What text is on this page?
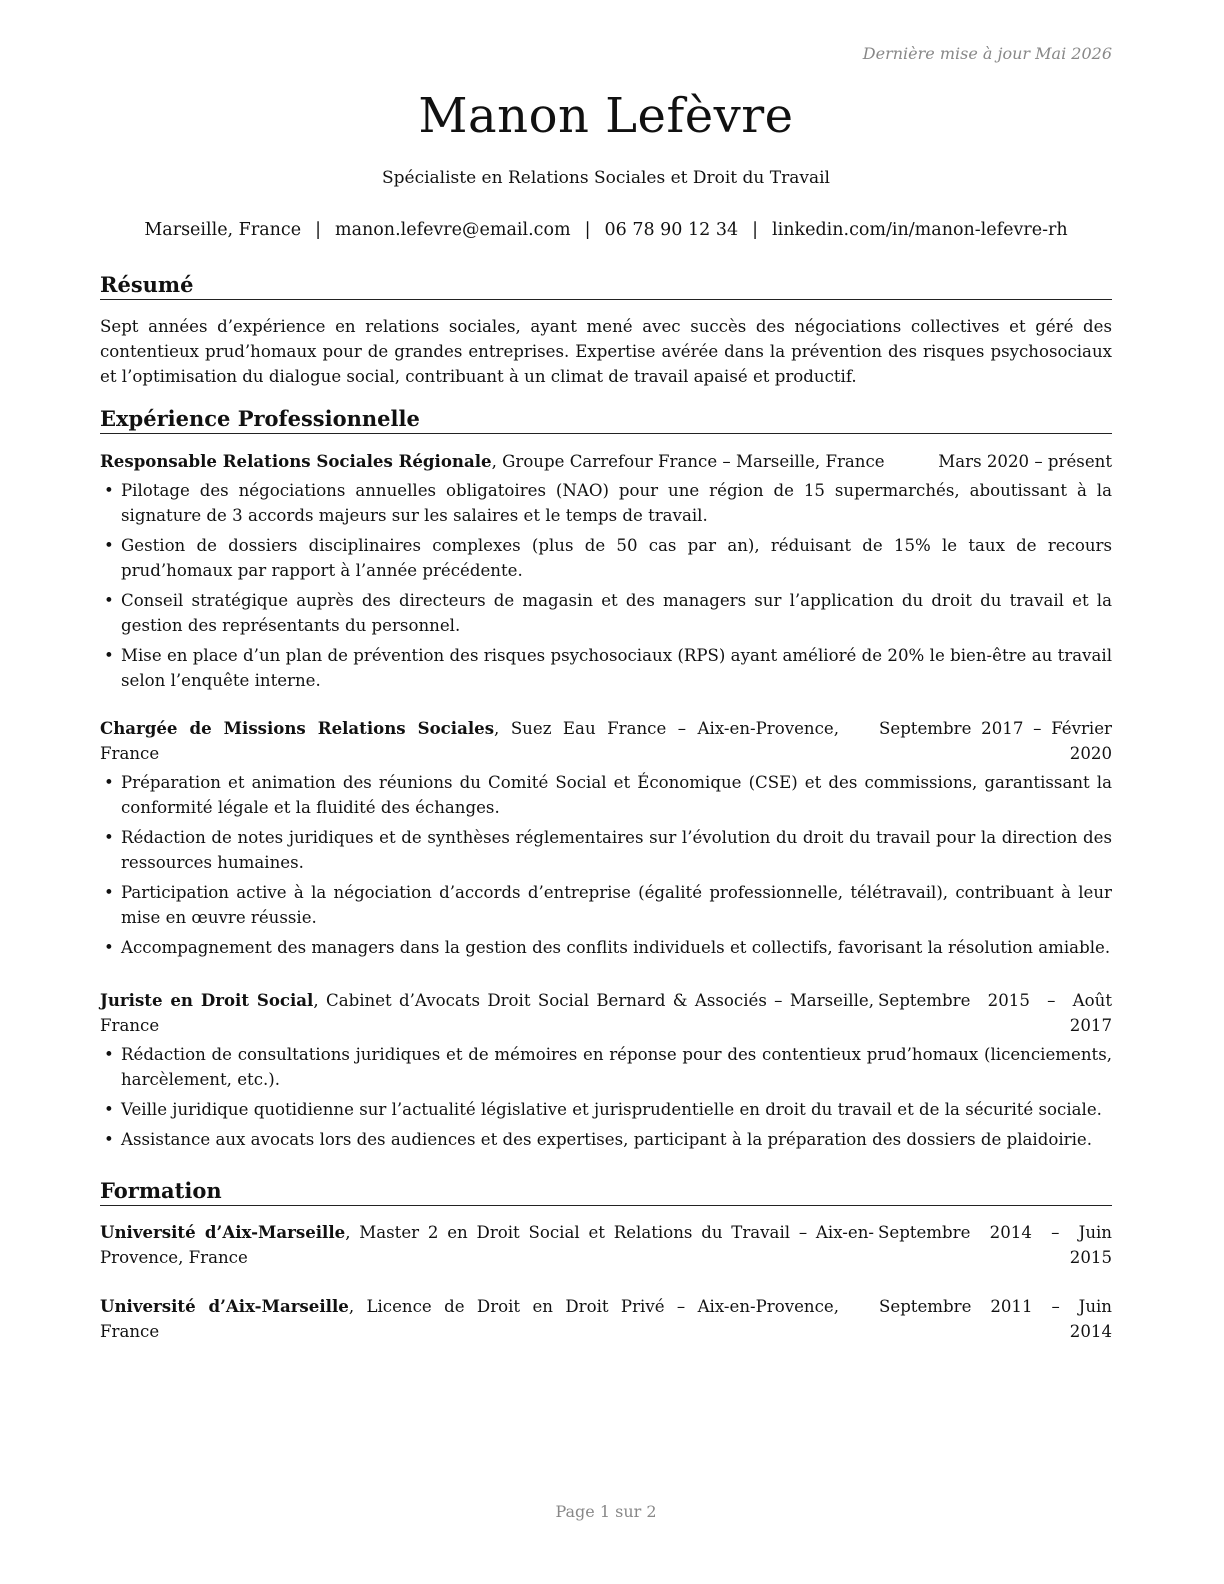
Dernière mise à jour Mai 2026
Manon Lefèvre
Spécialiste en Relations Sociales et Droit du Travail
Marseille, France | manon.lefevre@email.com | 06 78 90 12 34 | linkedin.com/in/manon-lefevre-rh
Résumé
Sept années d’expérience en relations sociales, ayant mené avec succès des négociations collectives et géré des contentieux prud’homaux pour de grandes entreprises. Expertise avérée dans la prévention des risques psychosociaux et l’optimisation du dialogue social, contribuant à un climat de travail apaisé et productif.
Expérience Professionnelle
Responsable Relations Sociales Régionale, Groupe Carrefour France – Marseille, France	Mars 2020 – présent
• Pilotage des négociations annuelles obligatoires (NAO) pour une région de 15 supermarchés, aboutissant à la signature de 3 accords majeurs sur les salaires et le temps de travail.
• Gestion de dossiers disciplinaires complexes (plus de 50 cas par an), réduisant de 15% le taux de recours prud’homaux par rapport à l’année précédente.
• Conseil stratégique auprès des directeurs de magasin et des managers sur l’application du droit du travail et la gestion des représentants du personnel.
• Mise en place d’un plan de prévention des risques psychosociaux (RPS) ayant amélioré de 20% le bien-être au travail selon l’enquête interne.
Chargée de Missions Relations Sociales, Suez Eau France – Aix-en-Provence, France
Septembre 2017 – Février 2020
• Préparation et animation des réunions du Comité Social et Économique (CSE) et des commissions, garantissant la conformité légale et la fluidité des échanges.
• Rédaction de notes juridiques et de synthèses réglementaires sur l’évolution du droit du travail pour la direction des ressources humaines.
• Participation active à la négociation d’accords d’entreprise (égalité professionnelle, télétravail), contribuant à leur mise en œuvre réussie.
• Accompagnement des managers dans la gestion des conflits individuels et collectifs, favorisant la résolution amiable.
Juriste en Droit Social, Cabinet d’Avocats Droit Social Bernard & Associés – Marseille, France
Septembre 2015 – Août 2017
• Rédaction de consultations juridiques et de mémoires en réponse pour des contentieux prud’homaux (licenciements, harcèlement, etc.).
• Veille juridique quotidienne sur l’actualité législative et jurisprudentielle en droit du travail et de la sécurité sociale.
• Assistance aux avocats lors des audiences et des expertises, participant à la préparation des dossiers de plaidoirie.
Formation
Université d’Aix-Marseille, Master 2 en Droit Social et Relations du Travail – Aix-en-Provence, France
Septembre 2014 – Juin 2015
Université d’Aix-Marseille, Licence de Droit en Droit Privé – Aix-en-Provence, France
Septembre 2011 – Juin 2014
Page 1 sur 2
